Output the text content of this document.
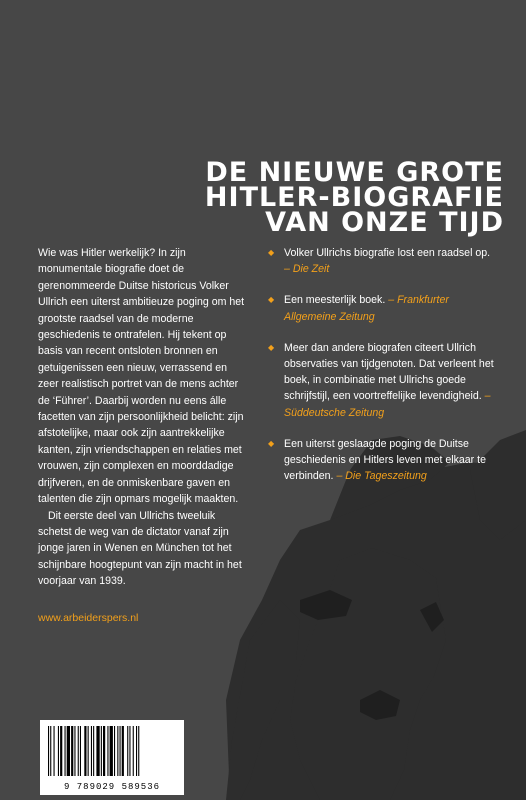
DE NIEUWE GROTE
HITLER-BIOGRAFIE
VAN ONZE TIJD

Wie was Hitler werkelijk? In zijn monumentale biografie doet de gerenommeerde Duitse historicus Volker Ullrich een uiterst ambitieuze poging om het grootste raadsel van de moderne geschiedenis te ontrafelen. Hij tekent op basis van recent ontsloten bronnen en getuigenissen een nieuw, verrassend en zeer realistisch portret van de mens achter de ‘Führer’. Daarbij worden nu eens álle facetten van zijn persoonlijkheid belicht: zijn afstotelijke, maar ook zijn aantrekkelijke kanten, zijn vriendschappen en relaties met vrouwen, zijn complexen en moorddadige drijfveren, en de onmiskenbare gaven en talenten die zijn opmars mogelijk maakten.

Dit eerste deel van Ullrichs tweeluik schetst de weg van de dictator vanaf zijn jonge jaren in Wenen en München tot het schijnbare hoogtepunt van zijn macht in het voorjaar van 1939.

www.arbeiderspers.nl

◆ Volker Ullrichs biografie lost een raadsel op. – Die Zeit
◆ Een meesterlijk boek. – Frankfurter Allgemeine Zeitung
◆ Meer dan andere biografen citeert Ullrich observaties van tijdgenoten. Dat verleent het boek, in combinatie met Ullrichs goede schrijfstijl, een voortreffelijke levendigheid. – Süddeutsche Zeitung
◆ Een uiterst geslaagde poging de Duitse geschiedenis en Hitlers leven met elkaar te verbinden. – Die Tageszeitung
9 789029 589536
